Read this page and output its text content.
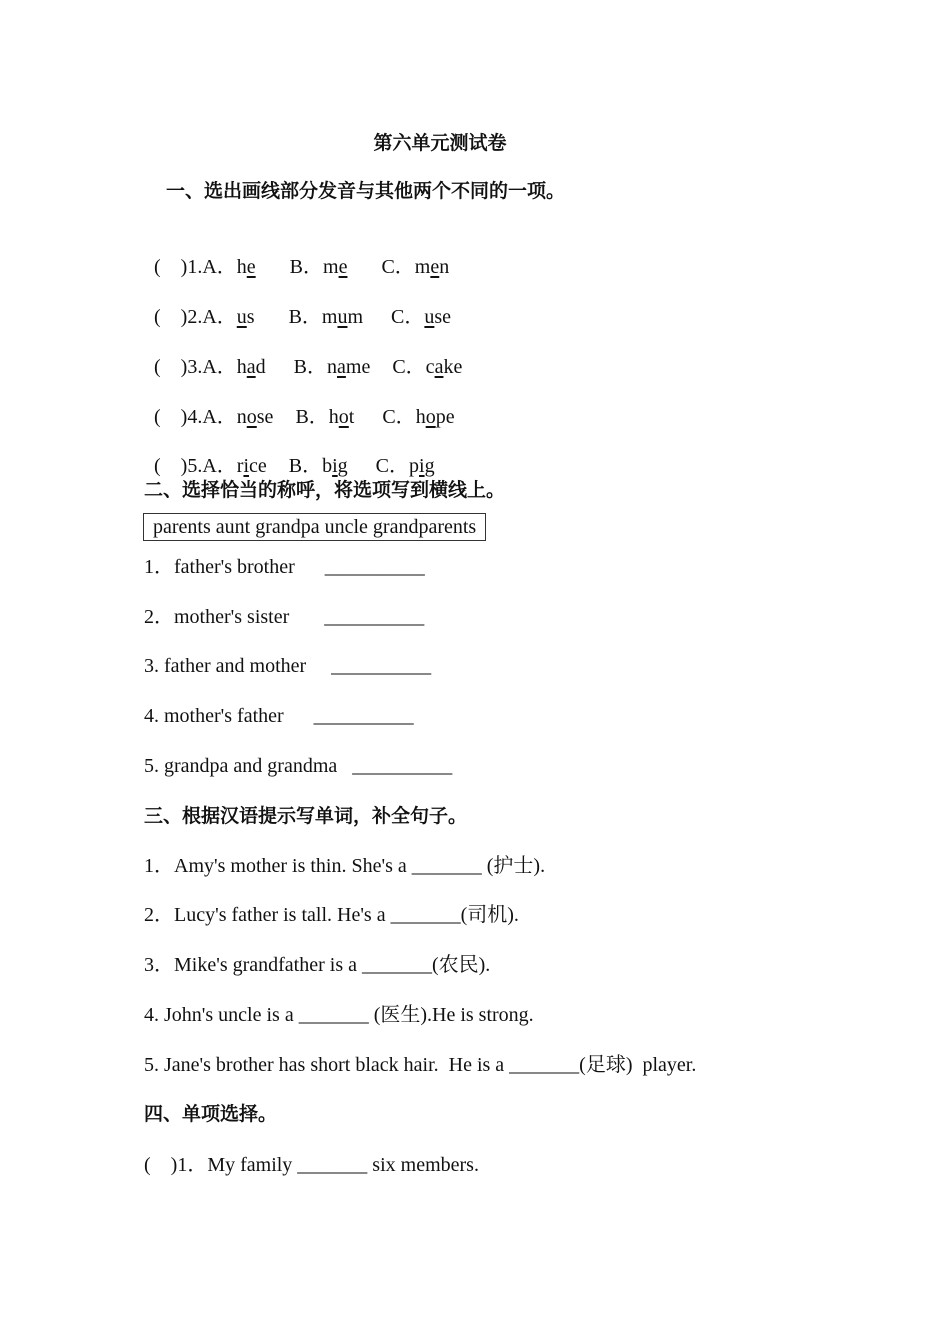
第六单元测试卷
一、选出画线部分发音与其他两个不同的一项。

(    )1.A．he B．me C．men

(    )2.A．us B．mum C．use

(    )3.A．had B．name C．cake

(    )4.A．nose B．hot C．hope

(    )5.A．rice B．big C．pig

二、选择恰当的称呼，将选项写到横线上。
parents aunt grandpa uncle grandparents
1．father's brother      __________
2．mother's sister       __________
3. father and mother     __________
4. mother's father      __________
5. grandpa and grandma   __________
三、根据汉语提示写单词，补全句子。
1．Amy's mother is thin. She's a _______ (护士).
2．Lucy's father is tall. He's a _______(司机).
3．Mike's grandfather is a _______(农民).
4. John's uncle is a _______ (医生).He is strong.
5. Jane's brother has short black hair.  He is a _______(足球)  player.
四、单项选择。
(    )1．My family _______ six members.
